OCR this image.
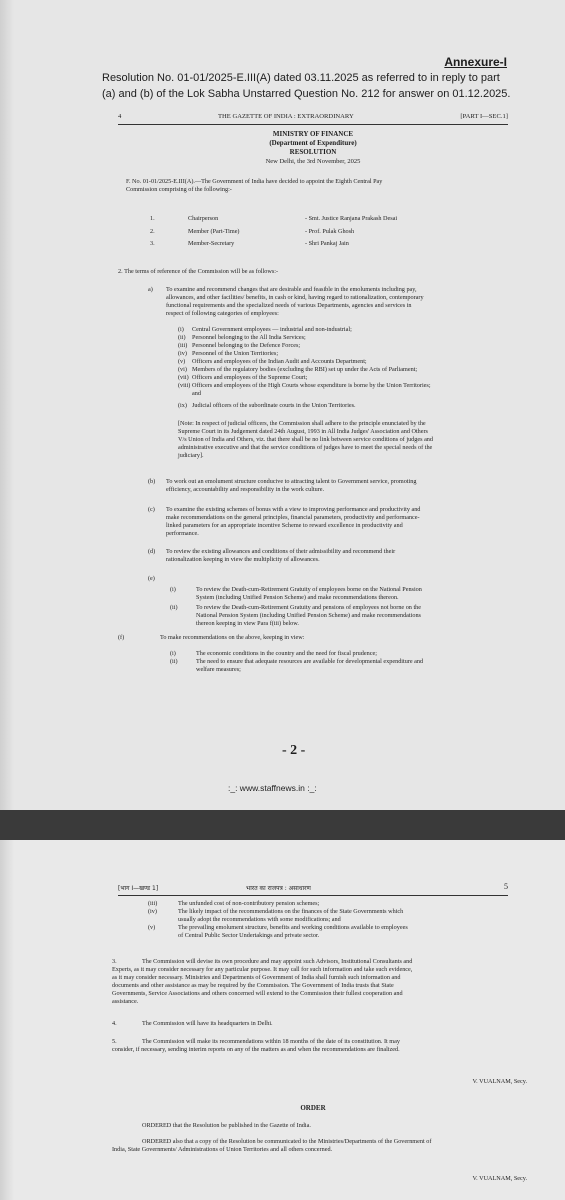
Annexure-I
Resolution No. 01-01/2025-E.III(A) dated 03.11.2025 as referred to in reply to part
(a) and (b) of the Lok Sabha Unstarred Question No. 212 for answer on 01.12.2025.
4	THE GAZETTE OF INDIA : EXTRAORDINARY	[PART I—SEC.1]
MINISTRY OF FINANCE
(Department of Expenditure)
RESOLUTION
New Delhi, the 3rd November, 2025
F. No. 01-01/2025-E.III(A).—The Government of India have decided to appoint the Eighth Central Pay
Commission comprising of the following:-
1.	Chairperson	- Smt. Justice Ranjana Prakash Desai
2.	Member (Part-Time)	- Prof. Pulak Ghosh
3.	Member-Secretary	- Shri Pankaj Jain
2. The terms of reference of the Commission will be as follows:-
a) To examine and recommend changes that are desirable and feasible in the emoluments including pay,
allowances, and other facilities/ benefits, in cash or kind, having regard to rationalization, contemporary
functional requirements and the specialized needs of various Departments, agencies and services in
respect of following categories of employees:
(i)	Central Government employees — industrial and non-industrial;
(ii)	Personnel belonging to the All India Services;
(iii) Personnel belonging to the Defence Forces;
(iv) Personnel of the Union Territories;
(v)	Officers and employees of the Indian Audit and Accounts Department;
(vi) Members of the regulatory bodies (excluding the RBI) set up under the Acts of Parliament;
(vii) Officers and employees of the Supreme Court;
(viii) Officers and employees of the High Courts whose expenditure is borne by the Union Territories;
and
(ix) Judicial officers of the subordinate courts in the Union Territories.
[Note: In respect of judicial officers, the Commission shall adhere to the principle enunciated by the
Supreme Court in its Judgement dated 24th August, 1993 in All India Judges' Association and Others
V/s Union of India and Others, viz. that there shall be no link between service conditions of judges and
administrative executive and that the service conditions of judges have to meet the special needs of the
judiciary].
(b) To work out an emolument structure conducive to attracting talent to Government service, promoting
efficiency, accountability and responsibility in the work culture.
(c) To examine the existing schemes of bonus with a view to improving performance and productivity and
make recommendations on the general principles, financial parameters, productivity and performance-
linked parameters for an appropriate incentive Scheme to reward excellence in productivity and
performance.
(d) To review the existing allowances and conditions of their admissibility and recommend their
rationalization keeping in view the multiplicity of allowances.
(e)
(i)	To review the Death-cum-Retirement Gratuity of employees borne on the National Pension
System (including Unified Pension Scheme) and make recommendations thereon.
(ii)	To review the Death-cum-Retirement Gratuity and pensions of employees not borne on the
National Pension System (including Unified Pension Scheme) and make recommendations
thereon keeping in view Para f(iii) below.
(f)	To make recommendations on the above, keeping in view:
(i)	The economic conditions in the country and the need for fiscal prudence;
(ii)	The need to ensure that adequate resources are available for developmental expenditure and
welfare measures;
- 2 -
:_: www.staffnews.in :_:
[भाग I—खण्ड 1]	भारत का राजपत्र : असाधारण	5
(iii)	The unfunded cost of non-contributory pension schemes;
(iv)	The likely impact of the recommendations on the finances of the State Governments which
usually adopt the recommendations with some modifications; and
(v)	The prevailing emolument structure, benefits and working conditions available to employees
of Central Public Sector Undertakings and private sector.
3.	The Commission will devise its own procedure and may appoint such Advisors, Institutional Consultants and
Experts, as it may consider necessary for any particular purpose. It may call for such information and take such evidence,
as it may consider necessary. Ministries and Departments of Government of India shall furnish such information and
documents and other assistance as may be required by the Commission. The Government of India trusts that State
Governments, Service Associations and others concerned will extend to the Commission their fullest cooperation and
assistance.
4.	The Commission will have its headquarters in Delhi.
5.	The Commission will make its recommendations within 18 months of the date of its constitution. It may
consider, if necessary, sending interim reports on any of the matters as and when the recommendations are finalized.
V. VUALNAM, Secy.
ORDER
ORDERED that the Resolution be published in the Gazette of India.
ORDERED also that a copy of the Resolution be communicated to the Ministries/Departments of the Government of
India, State Governments/ Administrations of Union Territories and all others concerned.
V. VUALNAM, Secy.
